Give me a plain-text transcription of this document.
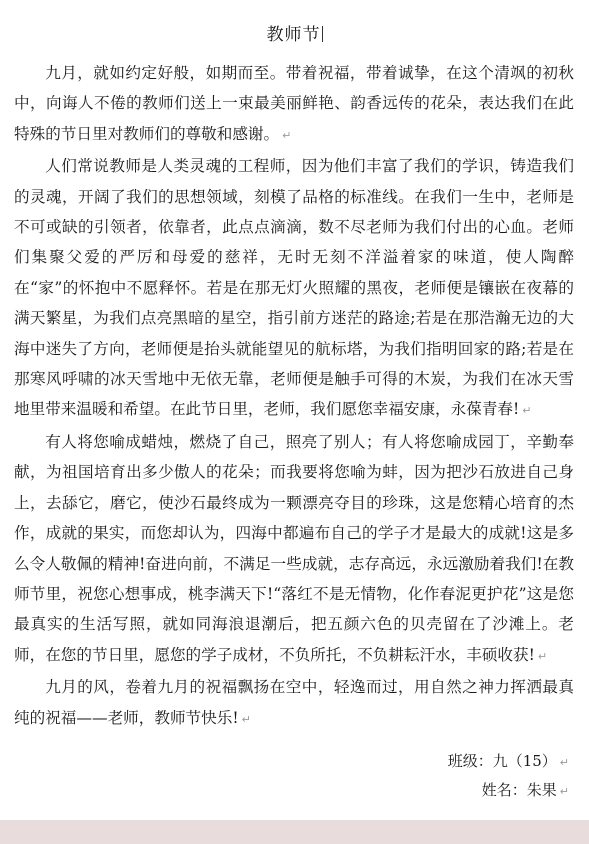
教师节

九月，就如约定好般，如期而至。带着祝福，带着诚挚，在这个清飒的初秋中，向诲人不倦的教师们送上一束最美丽鲜艳、韵香远传的花朵，表达我们在此特殊的节日里对教师们的尊敬和感谢。 ↵

人们常说教师是人类灵魂的工程师，因为他们丰富了我们的学识，铸造我们的灵魂，开阔了我们的思想领域，刻模了品格的标准线。在我们一生中，老师是不可或缺的引领者，依靠者，此点点滴滴，数不尽老师为我们付出的心血。老师们集聚父爱的严厉和母爱的慈祥，无时无刻不洋溢着家的味道，使人陶醉在“家”的怀抱中不愿释怀。若是在那无灯火照耀的黑夜，老师便是镶嵌在夜幕的满天繁星，为我们点亮黑暗的星空，指引前方迷茫的路途;若是在那浩瀚无边的大海中迷失了方向，老师便是抬头就能望见的航标塔，为我们指明回家的路;若是在那寒风呼啸的冰天雪地中无依无靠，老师便是触手可得的木炭，为我们在冰天雪地里带来温暖和希望。在此节日里，老师，我们愿您幸福安康，永葆青春! ↵

有人将您喻成蜡烛，燃烧了自己，照亮了别人；有人将您喻成园丁，辛勤奉献，为祖国培育出多少傲人的花朵；而我要将您喻为蚌，因为把沙石放进自己身上，去舔它，磨它，使沙石最终成为一颗漂亮夺目的珍珠，这是您精心培育的杰作，成就的果实，而您却认为，四海中都遍布自己的学子才是最大的成就!这是多么令人敬佩的精神!奋进向前，不满足一些成就，志存高远，永远激励着我们!在教师节里，祝您心想事成，桃李满天下!“落红不是无情物，化作春泥更护花”这是您最真实的生活写照，就如同海浪退潮后，把五颜六色的贝壳留在了沙滩上。老师，在您的节日里，愿您的学子成材，不负所托，不负耕耘汗水，丰硕收获! ↵

九月的风，卷着九月的祝福飘扬在空中，轻逸而过，用自然之神力挥洒最真纯的祝福——老师，教师节快乐! ↵

班级：九（15） ↵
姓名：朱果 ↵
